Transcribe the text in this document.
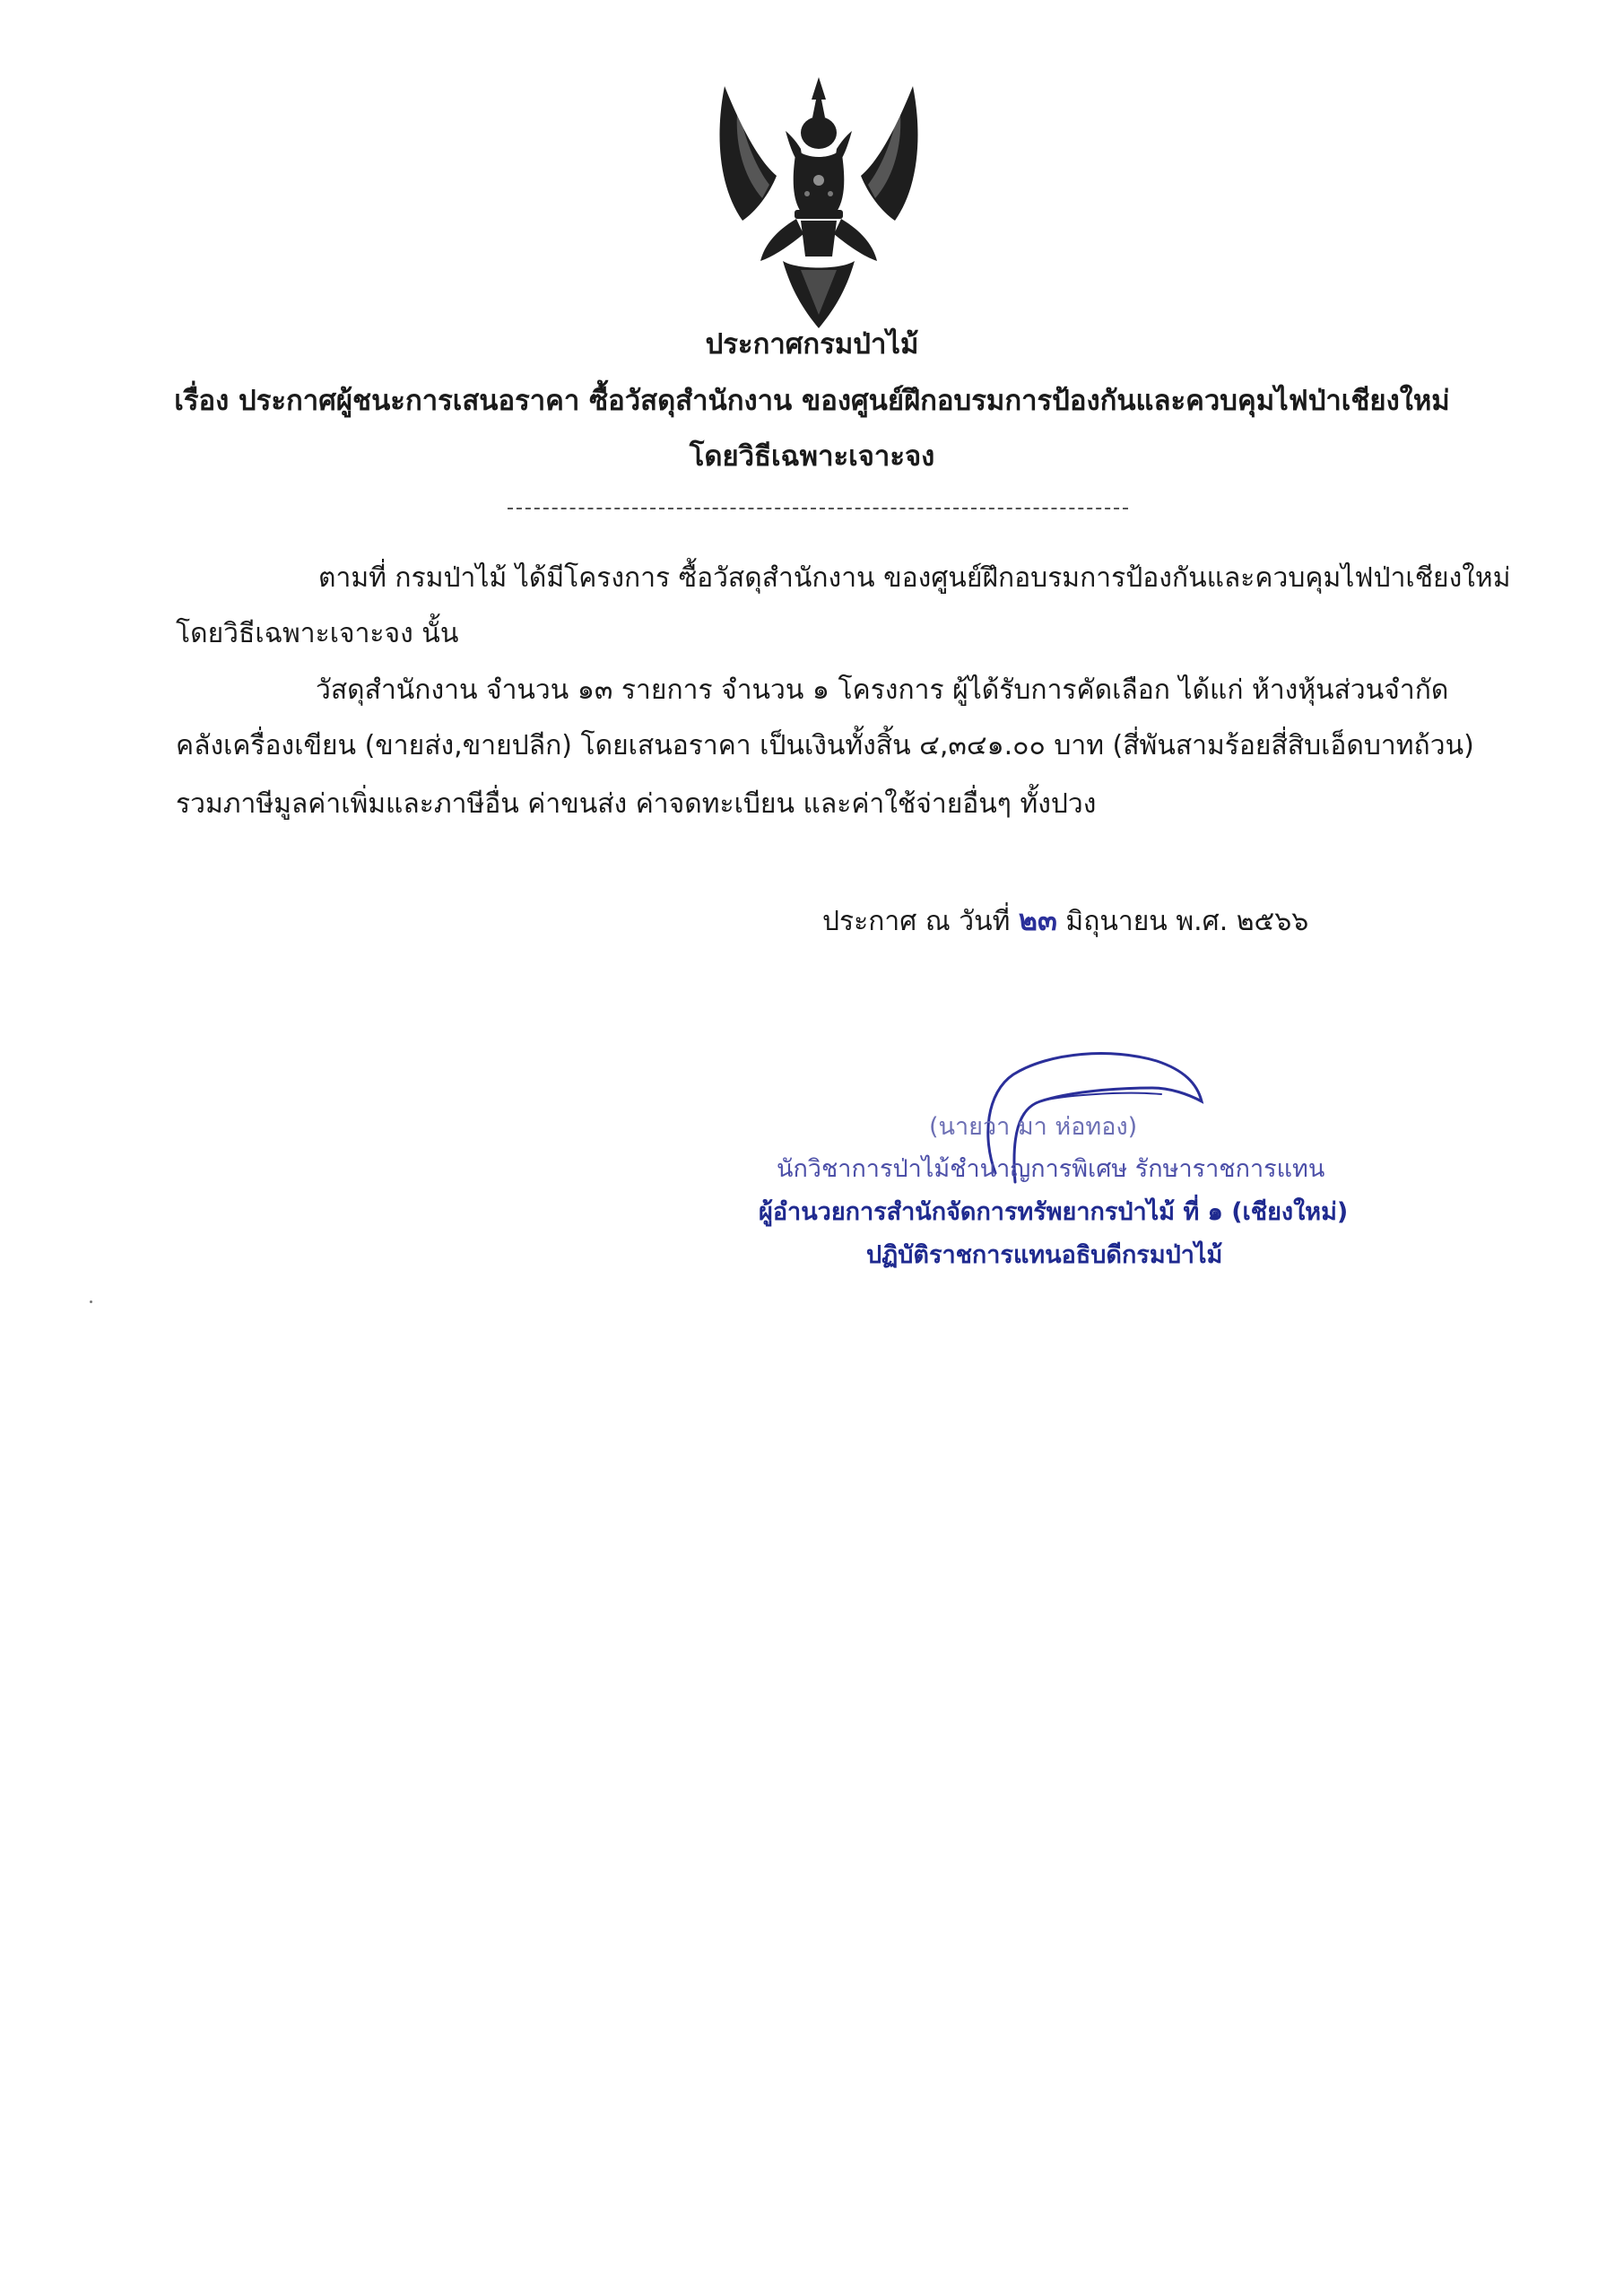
ประกาศกรมป่าไม้
เรื่อง ประกาศผู้ชนะการเสนอราคา ซื้อวัสดุสำนักงาน ของศูนย์ฝึกอบรมการป้องกันและควบคุมไฟป่าเชียงใหม่
โดยวิธีเฉพาะเจาะจง
ตามที่ กรมป่าไม้ ได้มีโครงการ ซื้อวัสดุสำนักงาน ของศูนย์ฝึกอบรมการป้องกันและควบคุมไฟป่าเชียงใหม่
โดยวิธีเฉพาะเจาะจง นั้น
วัสดุสำนักงาน จำนวน ๑๓ รายการ จำนวน ๑ โครงการ ผู้ได้รับการคัดเลือก ได้แก่ ห้างหุ้นส่วนจำกัด
คลังเครื่องเขียน (ขายส่ง,ขายปลีก) โดยเสนอราคา เป็นเงินทั้งสิ้น ๔,๓๔๑.๐๐ บาท (สี่พันสามร้อยสี่สิบเอ็ดบาทถ้วน)
รวมภาษีมูลค่าเพิ่มและภาษีอื่น ค่าขนส่ง ค่าจดทะเบียน และค่าใช้จ่ายอื่นๆ ทั้งปวง
ประกาศ ณ วันที่ ๒๓ มิถุนายน พ.ศ. ๒๕๖๖
(นายวา มา ห่อทอง)
นักวิชาการป่าไม้ชำนาญการพิเศษ รักษาราชการแทน
ผู้อำนวยการสำนักจัดการทรัพยากรป่าไม้ ที่ ๑ (เชียงใหม่)
ปฏิบัติราชการแทนอธิบดีกรมป่าไม้
